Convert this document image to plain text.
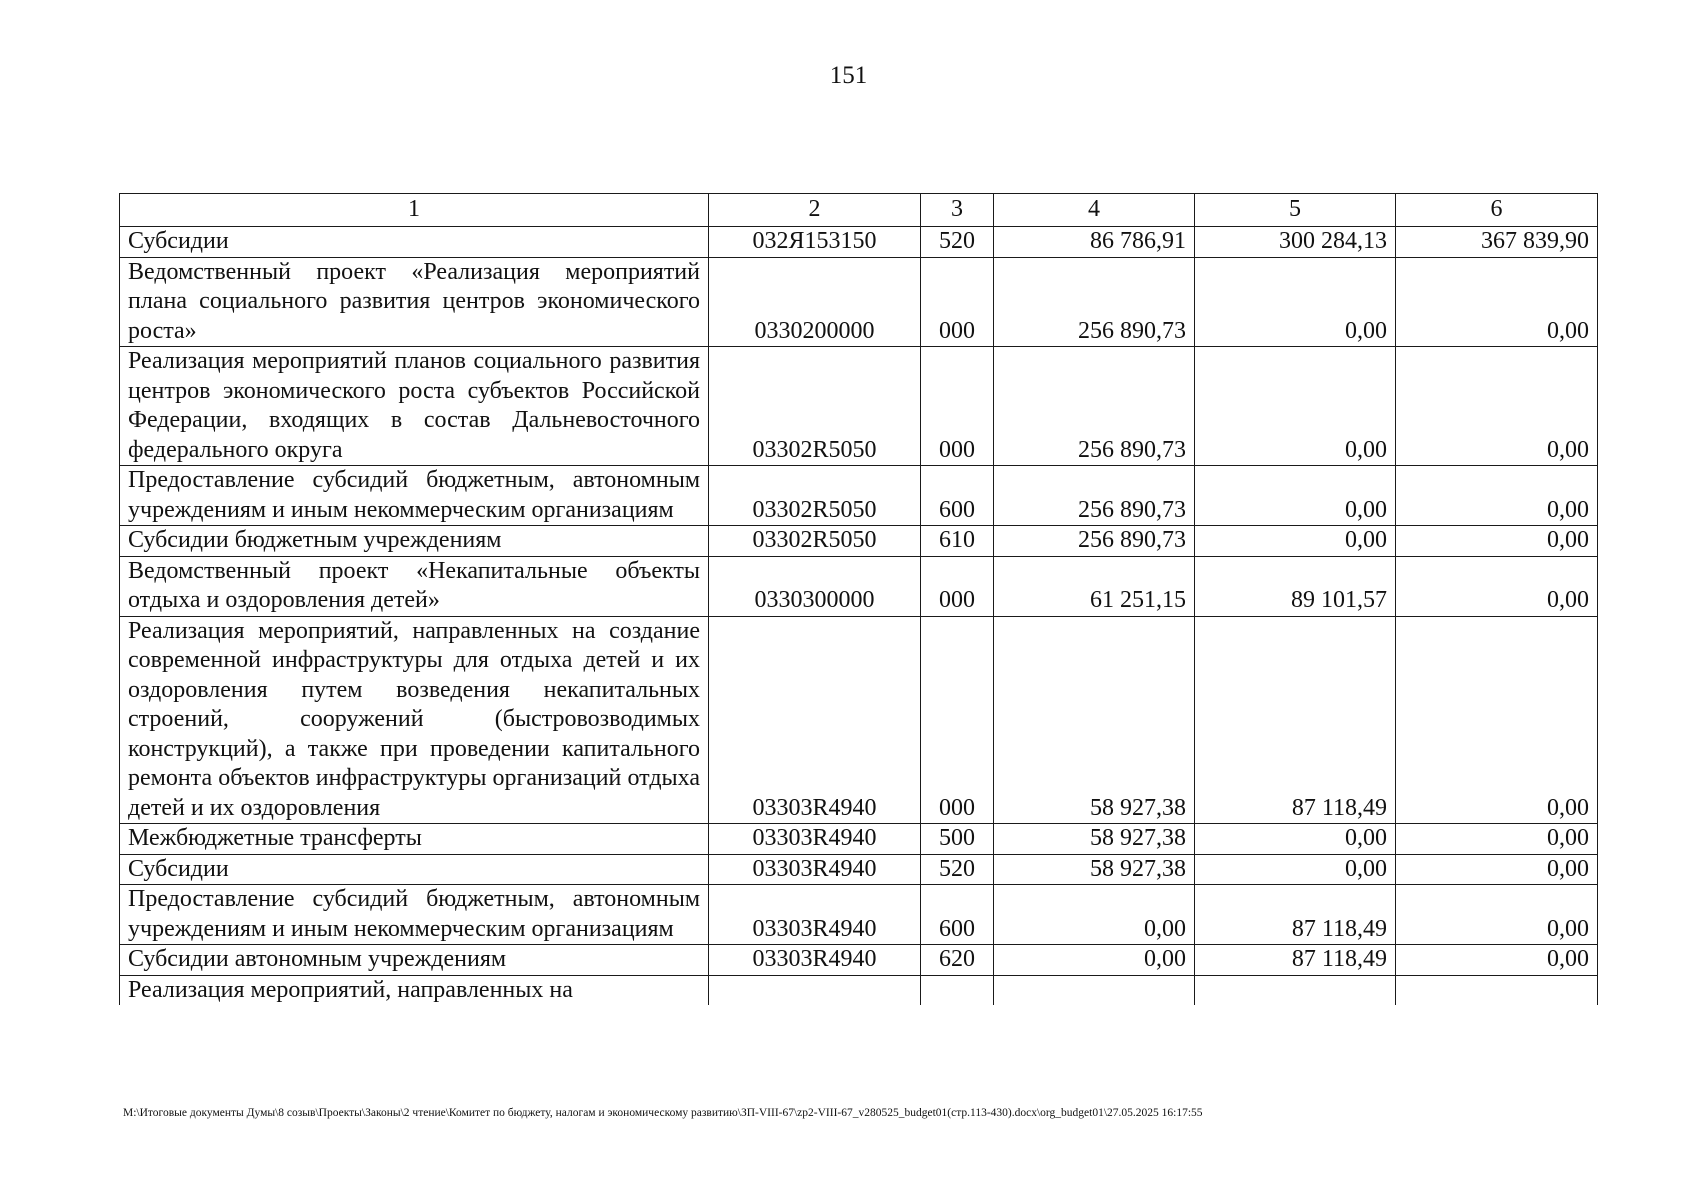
151
1	2	3	4	5	6
Субсидии	032Я153150	520	86 786,91	300 284,13	367 839,90
Ведомственный проект «Реализация мероприятий плана социального развития центров экономического роста»	0330200000	000	256 890,73	0,00	0,00
Реализация мероприятий планов социального развития центров экономического роста субъектов Российской Федерации, входящих в состав Дальневосточного федерального округа	03302R5050	000	256 890,73	0,00	0,00
Предоставление субсидий бюджетным, автономным учреждениям и иным некоммерческим организациям	03302R5050	600	256 890,73	0,00	0,00
Субсидии бюджетным учреждениям	03302R5050	610	256 890,73	0,00	0,00
Ведомственный проект «Некапитальные объекты отдыха и оздоровления детей»	0330300000	000	61 251,15	89 101,57	0,00
Реализация мероприятий, направленных на создание современной инфраструктуры для отдыха детей и их оздоровления путем возведения некапитальных строений, сооружений (быстровозводимых конструкций), а также при проведении капитального ремонта объектов инфраструктуры организаций отдыха детей и их оздоровления	03303R4940	000	58 927,38	87 118,49	0,00
Межбюджетные трансферты	03303R4940	500	58 927,38	0,00	0,00
Субсидии	03303R4940	520	58 927,38	0,00	0,00
Предоставление субсидий бюджетным, автономным учреждениям и иным некоммерческим организациям	03303R4940	600	0,00	87 118,49	0,00
Субсидии автономным учреждениям	03303R4940	620	0,00	87 118,49	0,00
Реализация мероприятий, направленных на					
М:\Итоговые документы Думы\8 созыв\Проекты\Законы\2 чтение\Комитет по бюджету, налогам и экономическому развитию\ЗП-VIII-67\zp2-VIII-67_v280525_budget01(стр.113-430).docx\org_budget01\27.05.2025 16:17:55
